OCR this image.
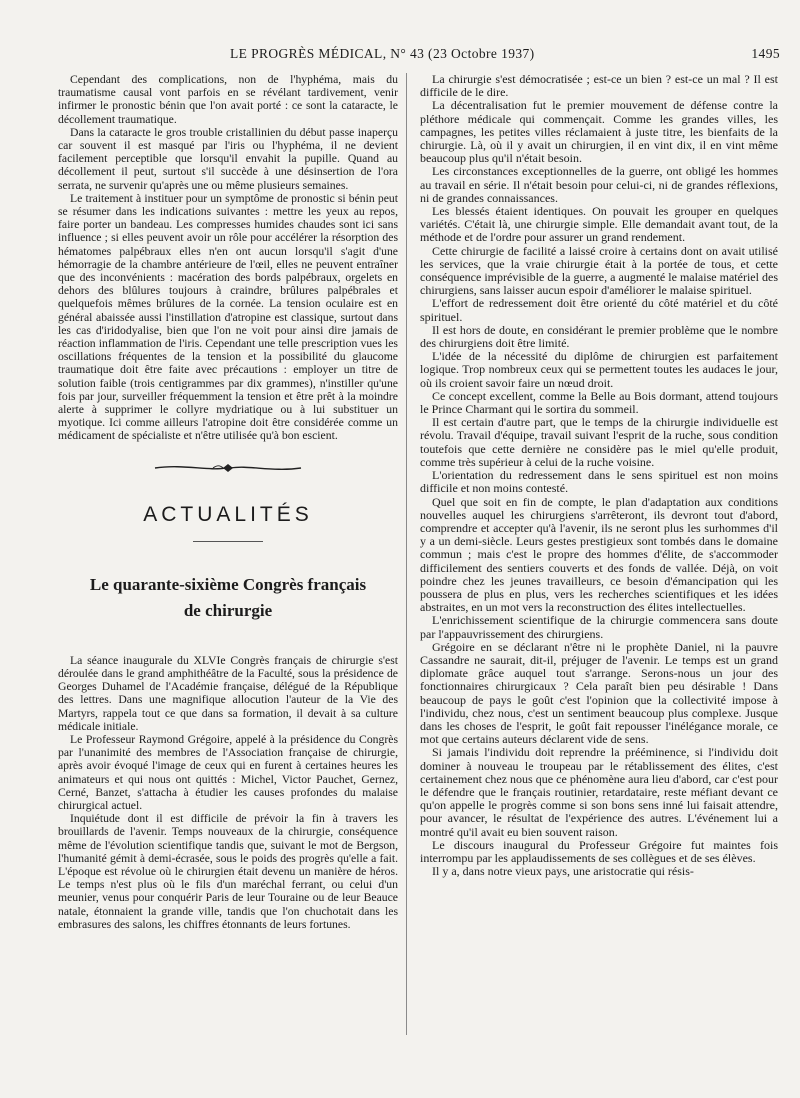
LE PROGRÈS MÉDICAL, N° 43 (23 Octobre 1937)	1495

Cependant des complications, non de l'hyphéma, mais du traumatisme causal vont parfois en se révélant tardivement, venir infirmer le pronostic bénin que l'on avait porté : ce sont la cataracte, le décollement traumatique.

Dans la cataracte le gros trouble cristallinien du début passe inaperçu car souvent il est masqué par l'iris ou l'hyphéma, il ne devient facilement perceptible que lorsqu'il envahit la pupille. Quand au décollement il peut, surtout s'il succède à une désinsertion de l'ora serrata, ne survenir qu'après une ou même plusieurs semaines.

Le traitement à instituer pour un symptôme de pronostic si bénin peut se résumer dans les indications suivantes : mettre les yeux au repos, faire porter un bandeau. Les compresses humides chaudes sont ici sans influence ; si elles peuvent avoir un rôle pour accélérer la résorption des hématomes palpébraux elles n'en ont aucun lorsqu'il s'agit d'une hémorragie de la chambre antérieure de l'œil, elles ne peuvent entraîner que des inconvénients : macération des bords palpébraux, orgelets en dehors des blûlures toujours à craindre, brûlures palpébrales et quelquefois mêmes brûlures de la cornée. La tension oculaire est en général abaissée aussi l'instillation d'atropine est classique, surtout dans les cas d'iridodyalise, bien que l'on ne voit pour ainsi dire jamais de réaction inflammation de l'iris. Cependant une telle prescription vues les oscillations fréquentes de la tension et la possibilité du glaucome traumatique doit être faite avec précautions : employer un titre de solution faible (trois centigrammes par dix grammes), n'instiller qu'une fois par jour, surveiller fréquemment la tension et être prêt à la moindre alerte à supprimer le collyre mydriatique ou à lui substituer un myotique. Ici comme ailleurs l'atropine doit être considérée comme un médicament de spécialiste et n'être utilisée qu'à bon escient.

ACTUALITÉS
Le quarante-sixième Congrès français
de chirurgie

La séance inaugurale du XLVIe Congrès français de chirurgie s'est déroulée dans le grand amphithéâtre de la Faculté, sous la présidence de Georges Duhamel de l'Académie française, délégué de la République des lettres. Dans une magnifique allocution l'auteur de la Vie des Martyrs, rappela tout ce que dans sa formation, il devait à sa culture médicale initiale.

Le Professeur Raymond Grégoire, appelé à la présidence du Congrès par l'unanimité des membres de l'Association française de chirurgie, après avoir évoqué l'image de ceux qui en furent à certaines heures les animateurs et qui nous ont quittés : Michel, Victor Pauchet, Gernez, Cerné, Banzet, s'attacha à étudier les causes profondes du malaise chirurgical actuel.

Inquiétude dont il est difficile de prévoir la fin à travers les brouillards de l'avenir. Temps nouveaux de la chirurgie, conséquence même de l'évolution scientifique tandis que, suivant le mot de Bergson, l'humanité gémit à demi-écrasée, sous le poids des progrès qu'elle a fait. L'époque est révolue où le chirurgien était devenu un manière de héros. Le temps n'est plus où le fils d'un maréchal ferrant, ou celui d'un meunier, venus pour conquérir Paris de leur Touraine ou de leur Beauce natale, étonnaient la grande ville, tandis que l'on chuchotait dans les embrasures des salons, les chiffres étonnants de leurs fortunes.

La chirurgie s'est démocratisée ; est-ce un bien ? est-ce un mal ? Il est difficile de le dire.

La décentralisation fut le premier mouvement de défense contre la pléthore médicale qui commençait. Comme les grandes villes, les campagnes, les petites villes réclamaient à juste titre, les bienfaits de la chirurgie. Là, où il y avait un chirurgien, il en vint dix, il en vint même beaucoup plus qu'il n'était besoin.

Les circonstances exceptionnelles de la guerre, ont obligé les hommes au travail en série. Il n'était besoin pour celui-ci, ni de grandes réflexions, ni de grandes connaissances.

Les blessés étaient identiques. On pouvait les grouper en quelques variétés. C'était là, une chirurgie simple. Elle demandait avant tout, de la méthode et de l'ordre pour assurer un grand rendement.

Cette chirurgie de facilité a laissé croire à certains dont on avait utilisé les services, que la vraie chirurgie était à la portée de tous, et cette conséquence imprévisible de la guerre, a augmenté le malaise matériel des chirurgiens, sans laisser aucun espoir d'améliorer le malaise spirituel.

L'effort de redressement doit être orienté du côté matériel et du côté spirituel.

Il est hors de doute, en considérant le premier problème que le nombre des chirurgiens doit être limité.

L'idée de la nécessité du diplôme de chirurgien est parfaitement logique. Trop nombreux ceux qui se permettent toutes les audaces le jour, où ils croient savoir faire un nœud droit.

Ce concept excellent, comme la Belle au Bois dormant, attend toujours le Prince Charmant qui le sortira du sommeil.

Il est certain d'autre part, que le temps de la chirurgie individuelle est révolu. Travail d'équipe, travail suivant l'esprit de la ruche, sous condition toutefois que cette dernière ne considère pas le miel qu'elle produit, comme très supérieur à celui de la ruche voisine.

L'orientation du redressement dans le sens spirituel est non moins difficile et non moins contesté.

Quel que soit en fin de compte, le plan d'adaptation aux conditions nouvelles auquel les chirurgiens s'arrêteront, ils devront tout d'abord, comprendre et accepter qu'à l'avenir, ils ne seront plus les surhommes d'il y a un demi-siècle. Leurs gestes prestigieux sont tombés dans le domaine commun ; mais c'est le propre des hommes d'élite, de s'accommoder difficilement des sentiers couverts et des fonds de vallée. Déjà, on voit poindre chez les jeunes travailleurs, ce besoin d'émancipation qui les poussera de plus en plus, vers les recherches scientifiques et les idées abstraites, en un mot vers la reconstruction des élites intellectuelles.

L'enrichissement scientifique de la chirurgie commencera sans doute par l'appauvrissement des chirurgiens.

Grégoire en se déclarant n'être ni le prophète Daniel, ni la pauvre Cassandre ne saurait, dit-il, préjuger de l'avenir. Le temps est un grand diplomate grâce auquel tout s'arrange. Serons-nous un jour des fonctionnaires chirurgicaux ? Cela paraît bien peu désirable ! Dans beaucoup de pays le goût c'est l'opinion que la collectivité impose à l'individu, chez nous, c'est un sentiment beaucoup plus complexe. Jusque dans les choses de l'esprit, le goût fait repousser l'inélégance morale, ce mot que certains auteurs déclarent vide de sens.

Si jamais l'individu doit reprendre la prééminence, si l'individu doit dominer à nouveau le troupeau par le rétablissement des élites, c'est certainement chez nous que ce phénomène aura lieu d'abord, car c'est pour le défendre que le français routinier, retardataire, reste méfiant devant ce qu'on appelle le progrès comme si son bons sens inné lui faisait attendre, pour avancer, le résultat de l'expérience des autres. L'événement lui a montré qu'il avait eu bien souvent raison.

Le discours inaugural du Professeur Grégoire fut maintes fois interrompu par les applaudissements de ses collègues et de ses élèves.

Il y a, dans notre vieux pays, une aristocratie qui résis-
